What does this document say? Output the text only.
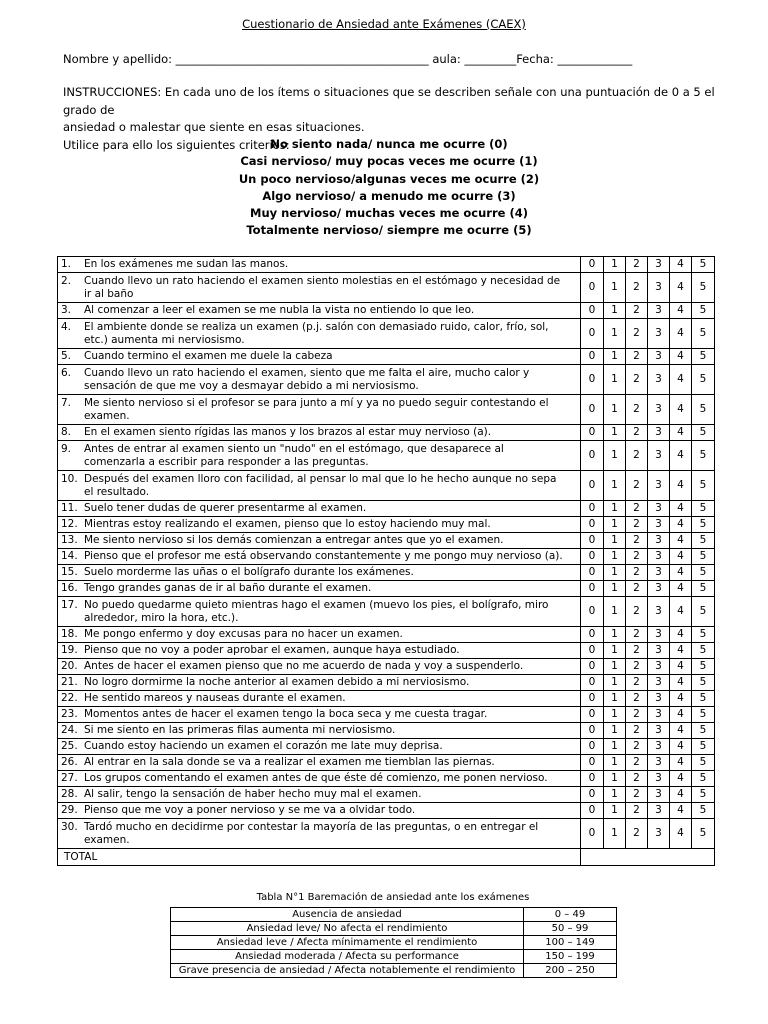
Cuestionario de Ansiedad ante Exámenes (CAEX)
Nombre y apellido: ____________________________________________ aula: _________Fecha: _____________
INSTRUCCIONES: En cada uno de los ítems o situaciones que se describen señale con una puntuación de 0 a 5 el grado de
ansiedad o malestar que siente en esas situaciones.
Utilice para ello los siguientes criterios:
No siento nada/ nunca me ocurre (0)
Casi nervioso/ muy pocas veces me ocurre (1)
Un poco nervioso/algunas veces me ocurre (2)
Algo nervioso/ a menudo me ocurre (3)
Muy nervioso/ muchas veces me ocurre (4)
Totalmente nervioso/ siempre me ocurre (5)
1. En los exámenes me sudan las manos.	0	1	2	3	4	5
2. Cuando llevo un rato haciendo el examen siento molestias en el estómago y necesidad de ir al baño	0	1	2	3	4	5
3. Al comenzar a leer el examen se me nubla la vista no entiendo lo que leo.	0	1	2	3	4	5
4. El ambiente donde se realiza un examen (p.j. salón con demasiado ruido, calor, frío, sol, etc.) aumenta mi nerviosismo.	0	1	2	3	4	5
5. Cuando termino el examen me duele la cabeza	0	1	2	3	4	5
6. Cuando llevo un rato haciendo el examen, siento que me falta el aire, mucho calor y sensación de que me voy a desmayar debido a mi nerviosismo.	0	1	2	3	4	5
7. Me siento nervioso si el profesor se para junto a mí y ya no puedo seguir contestando el examen.	0	1	2	3	4	5
8. En el examen siento rígidas las manos y los brazos al estar muy nervioso (a).	0	1	2	3	4	5
9. Antes de entrar al examen siento un "nudo" en el estómago, que desaparece al comenzarla a escribir para responder a las preguntas.	0	1	2	3	4	5
10. Después del examen lloro con facilidad, al pensar lo mal que lo he hecho aunque no sepa el resultado.	0	1	2	3	4	5
11. Suelo tener dudas de querer presentarme al examen.	0	1	2	3	4	5
12. Mientras estoy realizando el examen, pienso que lo estoy haciendo muy mal.	0	1	2	3	4	5
13. Me siento nervioso si los demás comienzan a entregar antes que yo el examen.	0	1	2	3	4	5
14. Pienso que el profesor me está observando constantemente y me pongo muy nervioso (a).	0	1	2	3	4	5
15. Suelo morderme las uñas o el bolígrafo durante los exámenes.	0	1	2	3	4	5
16. Tengo grandes ganas de ir al baño durante el examen.	0	1	2	3	4	5
17. No puedo quedarme quieto mientras hago el examen (muevo los pies, el bolígrafo, miro alrededor, miro la hora, etc.).	0	1	2	3	4	5
18. Me pongo enfermo y doy excusas para no hacer un examen.	0	1	2	3	4	5
19. Pienso que no voy a poder aprobar el examen, aunque haya estudiado.	0	1	2	3	4	5
20. Antes de hacer el examen pienso que no me acuerdo de nada y voy a suspenderlo.	0	1	2	3	4	5
21. No logro dormirme la noche anterior al examen debido a mi nerviosismo.	0	1	2	3	4	5
22. He sentido mareos y nauseas durante el examen.	0	1	2	3	4	5
23. Momentos antes de hacer el examen tengo la boca seca y me cuesta tragar.	0	1	2	3	4	5
24. Si me siento en las primeras filas aumenta mi nerviosismo.	0	1	2	3	4	5
25. Cuando estoy haciendo un examen el corazón me late muy deprisa.	0	1	2	3	4	5
26. Al entrar en la sala donde se va a realizar el examen me tiemblan las piernas.	0	1	2	3	4	5
27. Los grupos comentando el examen antes de que éste dé comienzo, me ponen nervioso.	0	1	2	3	4	5
28. Al salir, tengo la sensación de haber hecho muy mal el examen.	0	1	2	3	4	5
29. Pienso que me voy a poner nervioso y se me va a olvidar todo.	0	1	2	3	4	5
30. Tardó mucho en decidirme por contestar la mayoría de las preguntas, o en entregar el examen.	0	1	2	3	4	5
TOTAL						
Tabla N°1 Baremación de ansiedad ante los exámenes
Ausencia de ansiedad	0 – 49
Ansiedad leve/ No afecta el rendimiento	50 – 99
Ansiedad leve / Afecta mínimamente el rendimiento	100 – 149
Ansiedad moderada / Afecta su performance	150 – 199
Grave presencia de ansiedad / Afecta notablemente el rendimiento	200 – 250
